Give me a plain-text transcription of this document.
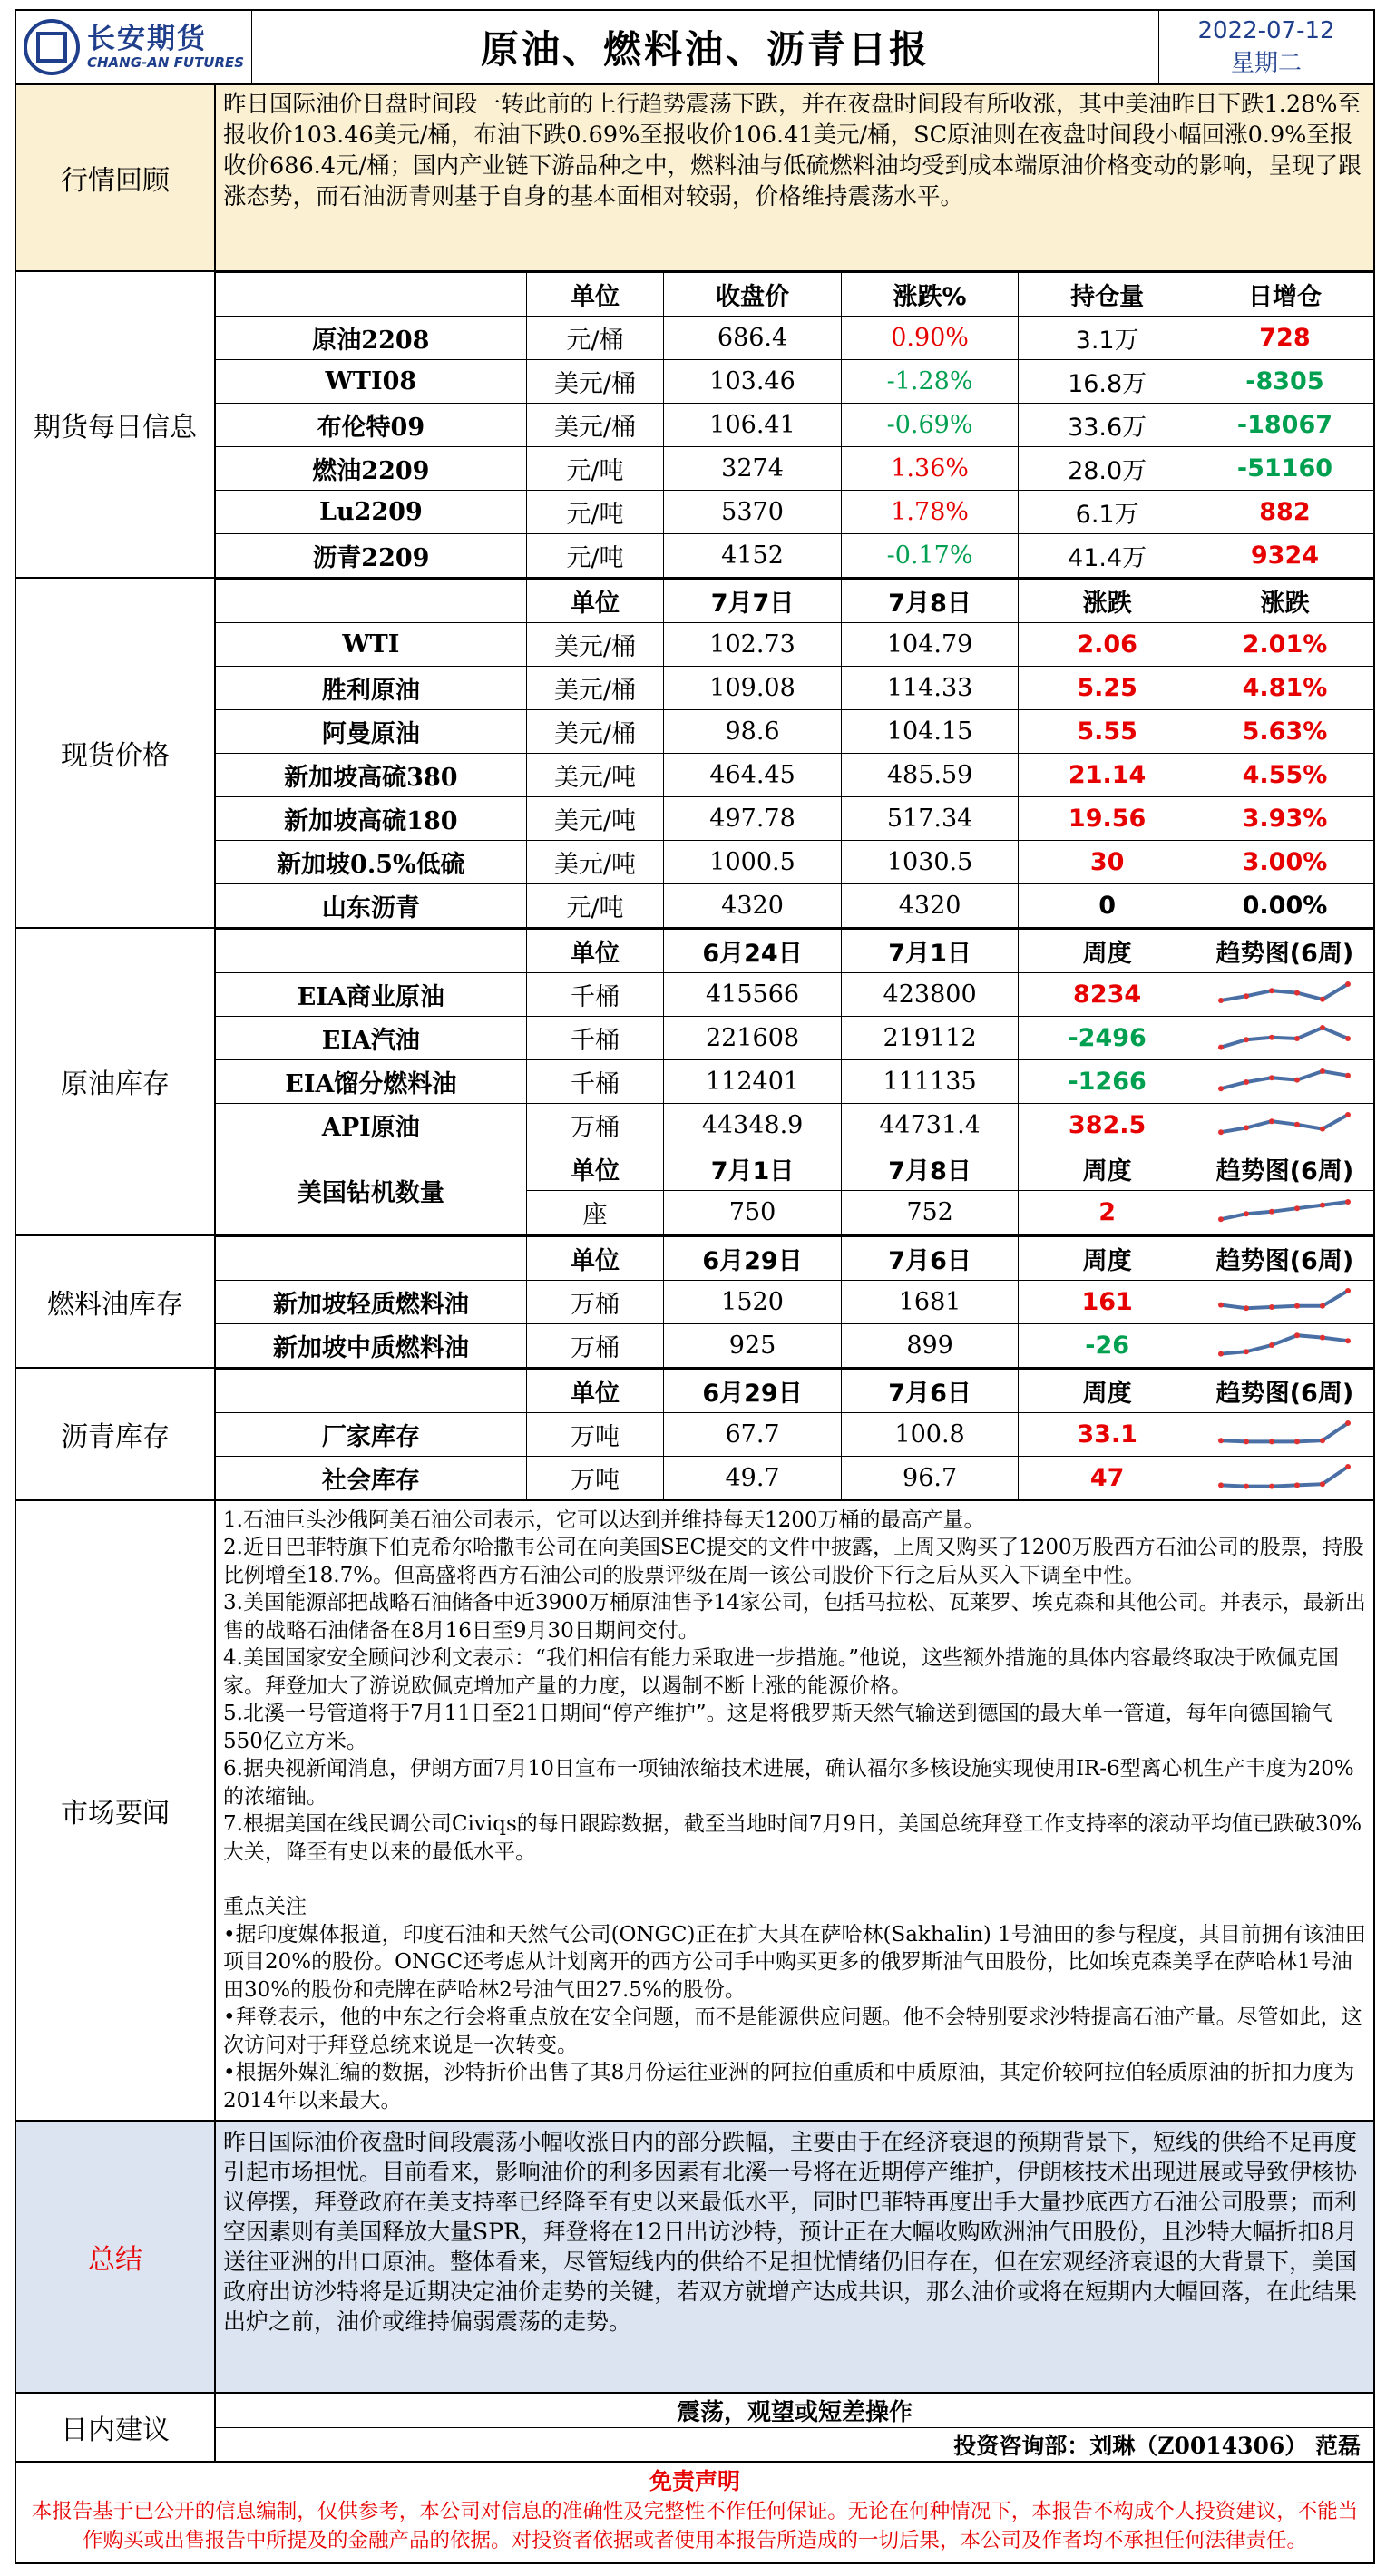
长安期货
CHANG-AN FUTURES	原油、燃料油、沥青日报	2022-07-12
星期二
行情回顾
昨日国际油价日盘时间段一转此前的上行趋势震荡下跌，并在夜盘时间段有所收涨，其中美油昨日下跌1.28%至报收价103.46美元/桶，布油下跌0.69%至报收价106.41美元/桶，SC原油则在夜盘时间段小幅回涨0.9%至报收价686.4元/桶；国内产业链下游品种之中，燃料油与低硫燃料油均受到成本端原油价格变动的影响，呈现了跟涨态势，而石油沥青则基于自身的基本面相对较弱，价格维持震荡水平。
期货每日信息
	单位	收盘价	涨跌%	持仓量	日增仓
原油2208	元/桶	686.4	0.90%	3.1万	728
WTI08	美元/桶	103.46	-1.28%	16.8万	-8305
布伦特09	美元/桶	106.41	-0.69%	33.6万	-18067
燃油2209	元/吨	3274	1.36%	28.0万	-51160
Lu2209	元/吨	5370	1.78%	6.1万	882
沥青2209	元/吨	4152	-0.17%	41.4万	9324
现货价格
	单位	7月7日	7月8日	涨跌	涨跌
WTI	美元/桶	102.73	104.79	2.06	2.01%
胜利原油	美元/桶	109.08	114.33	5.25	4.81%
阿曼原油	美元/桶	98.6	104.15	5.55	5.63%
新加坡高硫380	美元/吨	464.45	485.59	21.14	4.55%
新加坡高硫180	美元/吨	497.78	517.34	19.56	3.93%
新加坡0.5%低硫	美元/吨	1000.5	1030.5	30	3.00%
山东沥青	元/吨	4320	4320	0	0.00%
原油库存
	单位	6月24日	7月1日	周度	趋势图(6周)
EIA商业原油	千桶	415566	423800	8234	

EIA汽油	千桶	221608	219112	-2496	

EIA馏分燃料油	千桶	112401	111135	-1266	

API原油	万桶	44348.9	44731.4	382.5	

美国钻机数量	单位	7月1日	7月8日	周度	趋势图(6周)
	座	750	752	2	
燃料油库存
	单位	6月29日	7月6日	周度	趋势图(6周)
新加坡轻质燃料油	万桶	1520	1681	161	

新加坡中质燃料油	万桶	925	899	-26	
沥青库存
	单位	6月29日	7月6日	周度	趋势图(6周)
厂家库存	万吨	67.7	100.8	33.1	

社会库存	万吨	49.7	96.7	47	
市场要闻

1.石油巨头沙俄阿美石油公司表示，它可以达到并维持每天1200万桶的最高产量。

2.近日巴菲特旗下伯克希尔哈撒韦公司在向美国SEC提交的文件中披露，上周又购买了1200万股西方石油公司的股票，持股比例增至18.7%。但高盛将西方石油公司的股票评级在周一该公司股价下行之后从买入下调至中性。

3.美国能源部把战略石油储备中近3900万桶原油售予14家公司，包括马拉松、瓦莱罗、埃克森和其他公司。并表示，最新出售的战略石油储备在8月16日至9月30日期间交付。

4.美国国家安全顾问沙利文表示：“我们相信有能力采取进一步措施。”他说，这些额外措施的具体内容最终取决于欧佩克国家。拜登加大了游说欧佩克增加产量的力度，以遏制不断上涨的能源价格。

5.北溪一号管道将于7月11日至21日期间“停产维护”。这是将俄罗斯天然气输送到德国的最大单一管道，每年向德国输气550亿立方米。

6.据央视新闻消息，伊朗方面7月10日宣布一项铀浓缩技术进展，确认福尔多核设施实现使用IR-6型离心机生产丰度为20%的浓缩铀。

7.根据美国在线民调公司Civiqs的每日跟踪数据，截至当地时间7月9日，美国总统拜登工作支持率的滚动平均值已跌破30%大关，降至有史以来的最低水平。

重点关注

•据印度媒体报道，印度石油和天然气公司(ONGC)正在扩大其在萨哈林(Sakhalin) 1号油田的参与程度，其目前拥有该油田项目20%的股份。ONGC还考虑从计划离开的西方公司手中购买更多的俄罗斯油气田股份，比如埃克森美孚在萨哈林1号油田30%的股份和壳牌在萨哈林2号油气田27.5%的股份。

•拜登表示，他的中东之行会将重点放在安全问题，而不是能源供应问题。他不会特别要求沙特提高石油产量。尽管如此，这次访问对于拜登总统来说是一次转变。

•根据外媒汇编的数据，沙特折价出售了其8月份运往亚洲的阿拉伯重质和中质原油，其定价较阿拉伯轻质原油的折扣力度为2014年以来最大。

总结
昨日国际油价夜盘时间段震荡小幅收涨日内的部分跌幅，主要由于在经济衰退的预期背景下，短线的供给不足再度引起市场担忧。目前看来，影响油价的利多因素有北溪一号将在近期停产维护，伊朗核技术出现进展或导致伊核协议停摆，拜登政府在美支持率已经降至有史以来最低水平，同时巴菲特再度出手大量抄底西方石油公司股票；而利空因素则有美国释放大量SPR，拜登将在12日出访沙特，预计正在大幅收购欧洲油气田股份，且沙特大幅折扣8月送往亚洲的出口原油。整体看来，尽管短线内的供给不足担忧情绪仍旧存在，但在宏观经济衰退的大背景下，美国政府出访沙特将是近期决定油价走势的关键，若双方就增产达成共识，那么油价或将在短期内大幅回落，在此结果出炉之前，油价或维持偏弱震荡的走势。
日内建议
震荡，观望或短差操作
投资咨询部：刘琳（Z0014306） 范磊
免责声明
本报告基于已公开的信息编制，仅供参考，本公司对信息的准确性及完整性不作任何保证。无论在何种情况下，本报告不构成个人投资建议，不能当作购买或出售报告中所提及的金融产品的依据。对投资者依据或者使用本报告所造成的一切后果，本公司及作者均不承担任何法律责任。
